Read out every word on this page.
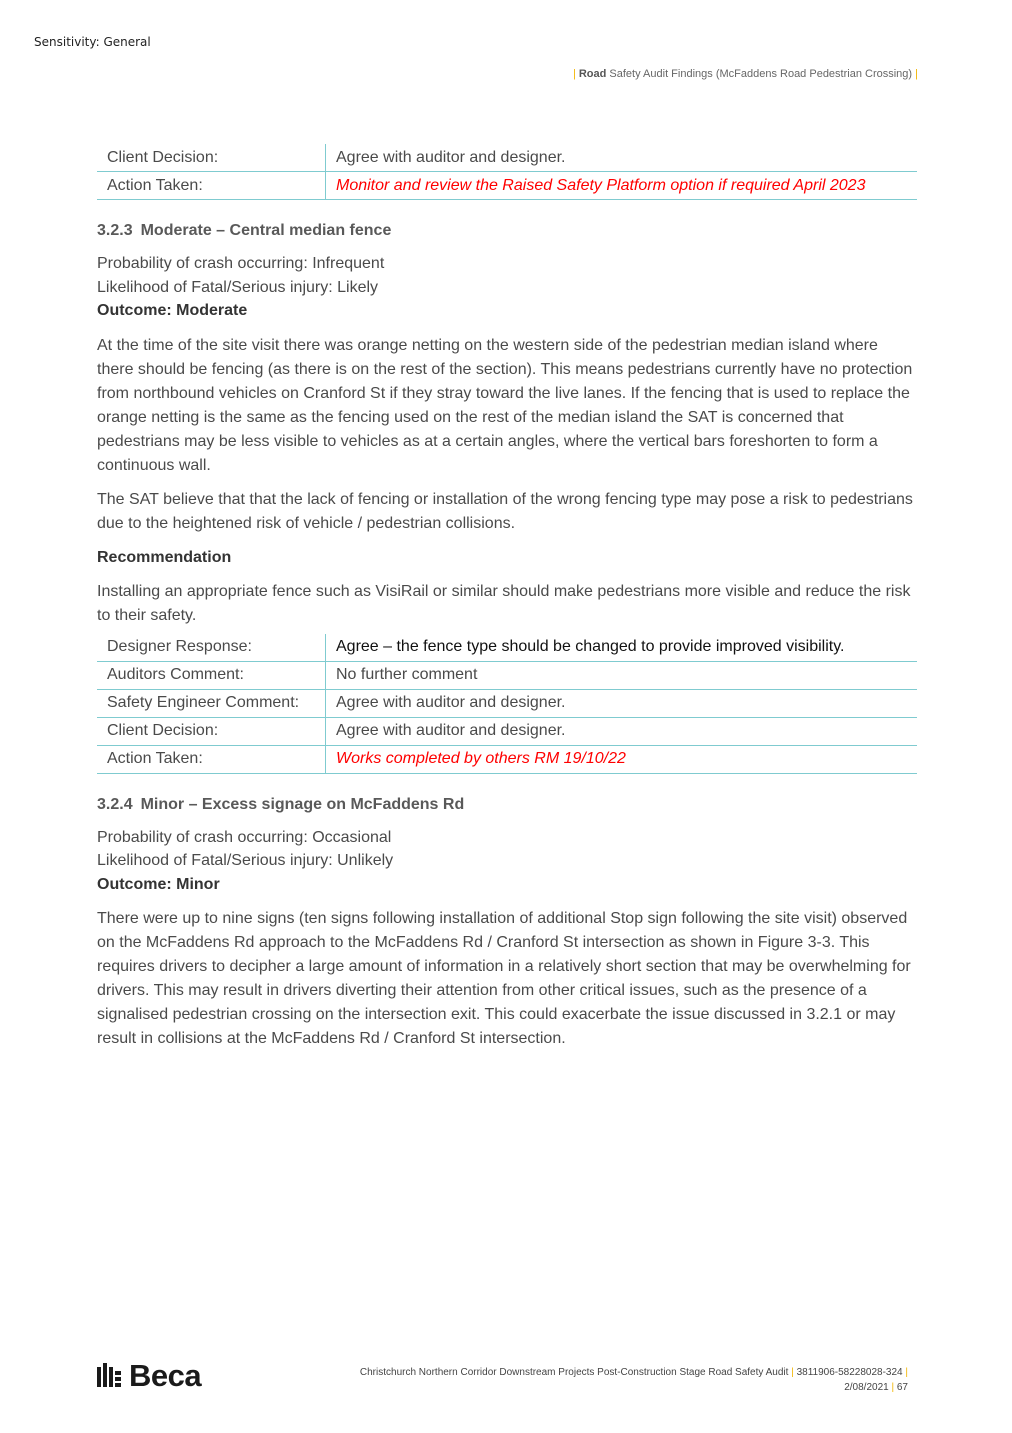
Sensitivity: General
| Road Safety Audit Findings (McFaddens Road Pedestrian Crossing) |
Client Decision:	Agree with auditor and designer.
Action Taken:	Monitor and review the Raised Safety Platform option if required April 2023
3.2.3 Moderate – Central median fence

Probability of crash occurring: Infrequent

Likelihood of Fatal/Serious injury: Likely

Outcome: Moderate

At the time of the site visit there was orange netting on the western side of the pedestrian median island where there should be fencing (as there is on the rest of the section). This means pedestrians currently have no protection from northbound vehicles on Cranford St if they stray toward the live lanes. If the fencing that is used to replace the orange netting is the same as the fencing used on the rest of the median island the SAT is concerned that pedestrians may be less visible to vehicles as at a certain angles, where the vertical bars foreshorten to form a continuous wall.

The SAT believe that that the lack of fencing or installation of the wrong fencing type may pose a risk to pedestrians due to the heightened risk of vehicle / pedestrian collisions.

Recommendation

Installing an appropriate fence such as VisiRail or similar should make pedestrians more visible and reduce the risk to their safety.

Designer Response:	Agree – the fence type should be changed to provide improved visibility.
Auditors Comment:	No further comment
Safety Engineer Comment:	Agree with auditor and designer.
Client Decision:	Agree with auditor and designer.
Action Taken:	Works completed by others RM 19/10/22
3.2.4 Minor – Excess signage on McFaddens Rd

Probability of crash occurring: Occasional

Likelihood of Fatal/Serious injury: Unlikely

Outcome: Minor

There were up to nine signs (ten signs following installation of additional Stop sign following the site visit) observed on the McFaddens Rd approach to the McFaddens Rd / Cranford St intersection as shown in Figure 3-3. This requires drivers to decipher a large amount of information in a relatively short section that may be overwhelming for drivers. This may result in drivers diverting their attention from other critical issues, such as the presence of a signalised pedestrian crossing on the intersection exit. This could exacerbate the issue discussed in 3.2.1 or may result in collisions at the McFaddens Rd / Cranford St intersection.

Beca	Christchurch Northern Corridor Downstream Projects Post-Construction Stage Road Safety Audit | 3811906-58228028-324 |
2/08/2021 | 67
